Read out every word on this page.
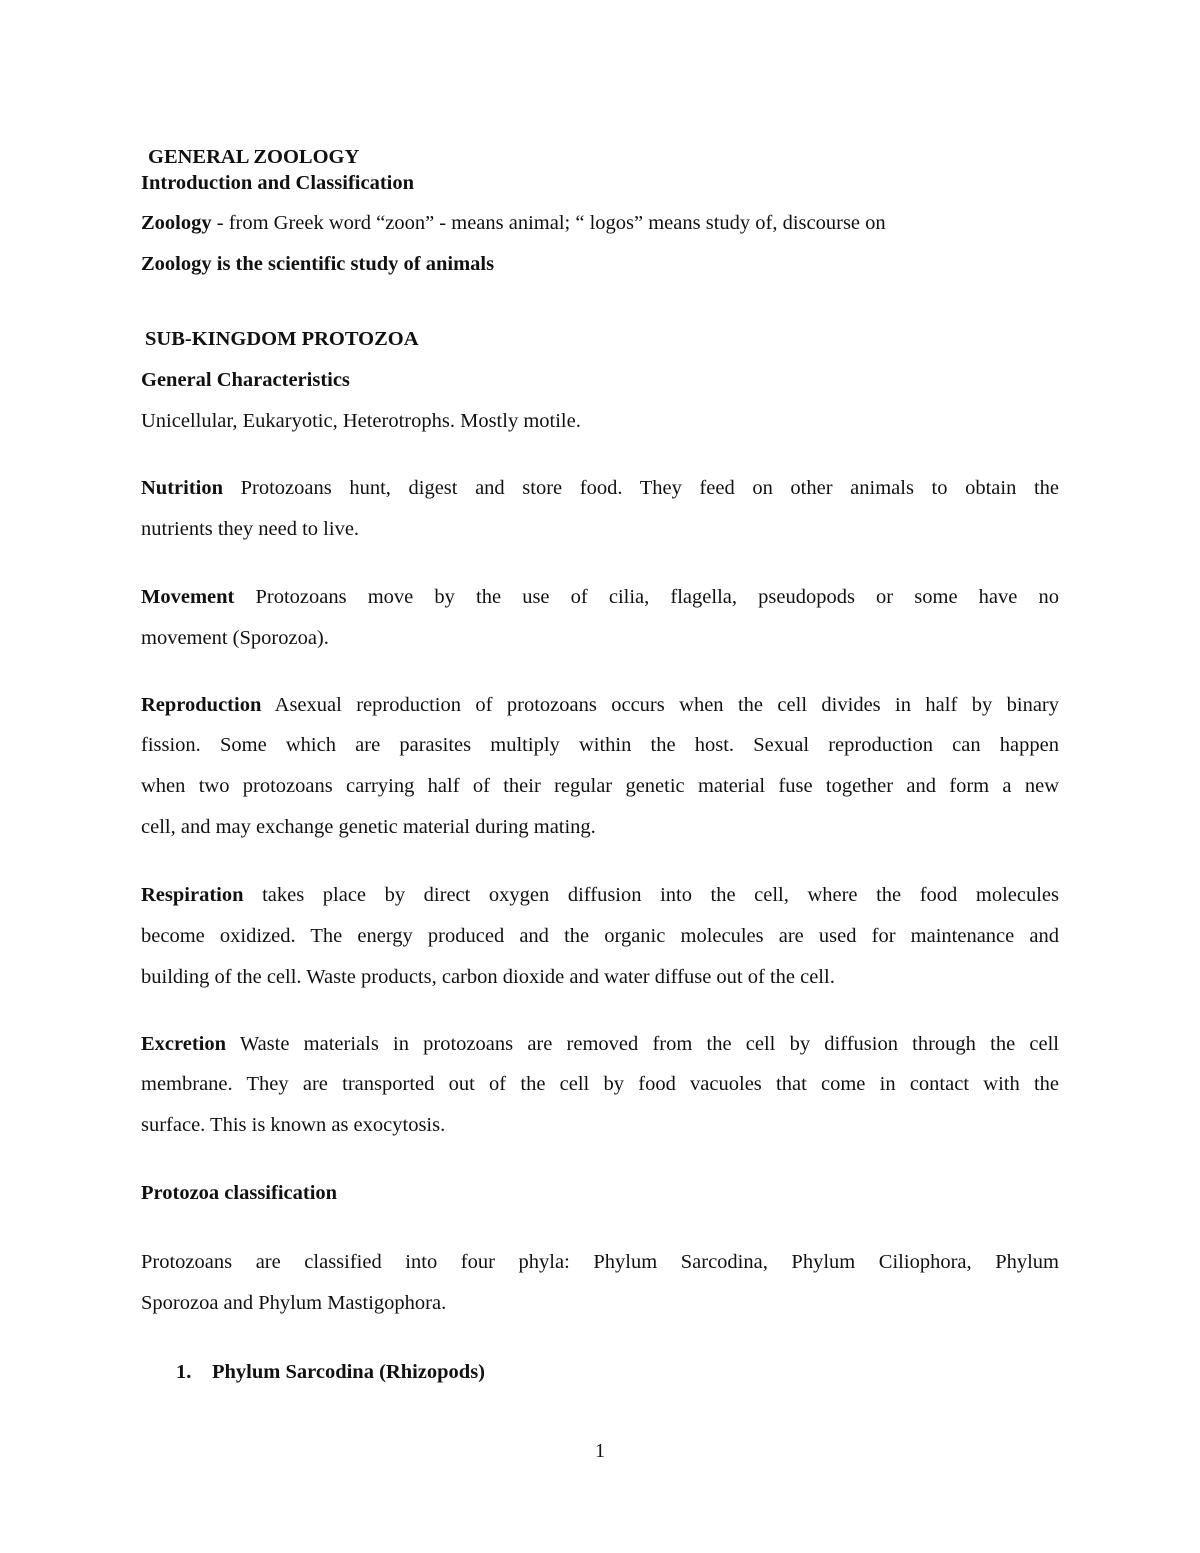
GENERAL ZOOLOGY
Introduction and Classification
Zoology - from Greek word “zoon” - means animal; “ logos” means study of, discourse on
Zoology is the scientific study of animals
SUB-KINGDOM PROTOZOA
General Characteristics
Unicellular, Eukaryotic, Heterotrophs. Mostly motile.
Nutrition Protozoans hunt, digest and store food. They feed on other animals to obtain the
nutrients they need to live.
Movement Protozoans move by the use of cilia, flagella, pseudopods or some have no
movement (Sporozoa).
Reproduction Asexual reproduction of protozoans occurs when the cell divides in half by binary
fission. Some which are parasites multiply within the host. Sexual reproduction can happen
when two protozoans carrying half of their regular genetic material fuse together and form a new
cell, and may exchange genetic material during mating.
Respiration takes place by direct oxygen diffusion into the cell, where the food molecules
become oxidized. The energy produced and the organic molecules are used for maintenance and
building of the cell. Waste products, carbon dioxide and water diffuse out of the cell.
Excretion Waste materials in protozoans are removed from the cell by diffusion through the cell
membrane. They are transported out of the cell by food vacuoles that come in contact with the
surface. This is known as exocytosis.
Protozoa classification
Protozoans are classified into four phyla: Phylum Sarcodina, Phylum Ciliophora, Phylum
Sporozoa and Phylum Mastigophora.
1. Phylum Sarcodina (Rhizopods)
1
